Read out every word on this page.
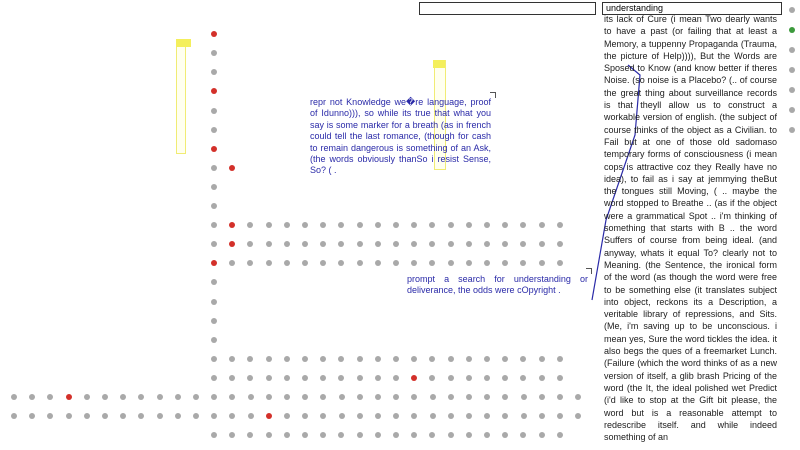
repr not Knowledge we�re language, proof of Idunno))), so while its true that what you say is some marker for a breath (as in french could tell the last romance, (though for cash to remain dangerous is something of an Ask, (the words obviously thanSo i resist Sense, So? ( .
prompt a search for understanding or deliverance, the odds were cOpyright .
understanding
its lack of Cure (i mean Two dearly wants to have a past (or failing that at least a Memory, a tuppenny Propaganda (Trauma, the picture of Help)))), But the Words are Sposed to Know (and know better if theres Noise. (so noise is a Placebo? (.. of course the great thing about surveillance records is that theyll allow us to construct a workable version of english. (the subject of course thinks of the object as a Civilian. to Fail but at one of those old sadomaso temporary forms of consciousness (i mean cops is attractive coz they Really have no idea), to fail as i say at jemmying theBut the tongues still Moving, ( .. maybe the word stopped to Breathe .. (as if the object were a grammatical Spot .. i'm thinking of something that starts with B .. the word Suffers of course from being ideal. (and anyway, whats it equal To? clearly not to Meaning. (the Sentence, the ironical form of the word (as though the word were free to be something else (it translates subject into object, reckons its a Description, a veritable library of repressions, and Sits. (Me, i'm saving up to be unconscious. i mean yes, Sure the word tickles the idea. it also begs the ques of a freemarket Lunch. (Failure (which the word thinks of as a new version of itself, a glib brash Pricing of the word (the It, the ideal polished wet Predict (i'd like to stop at the Gift bit please, the word but is a reasonable attempt to redescribe itself. and while indeed something of an
